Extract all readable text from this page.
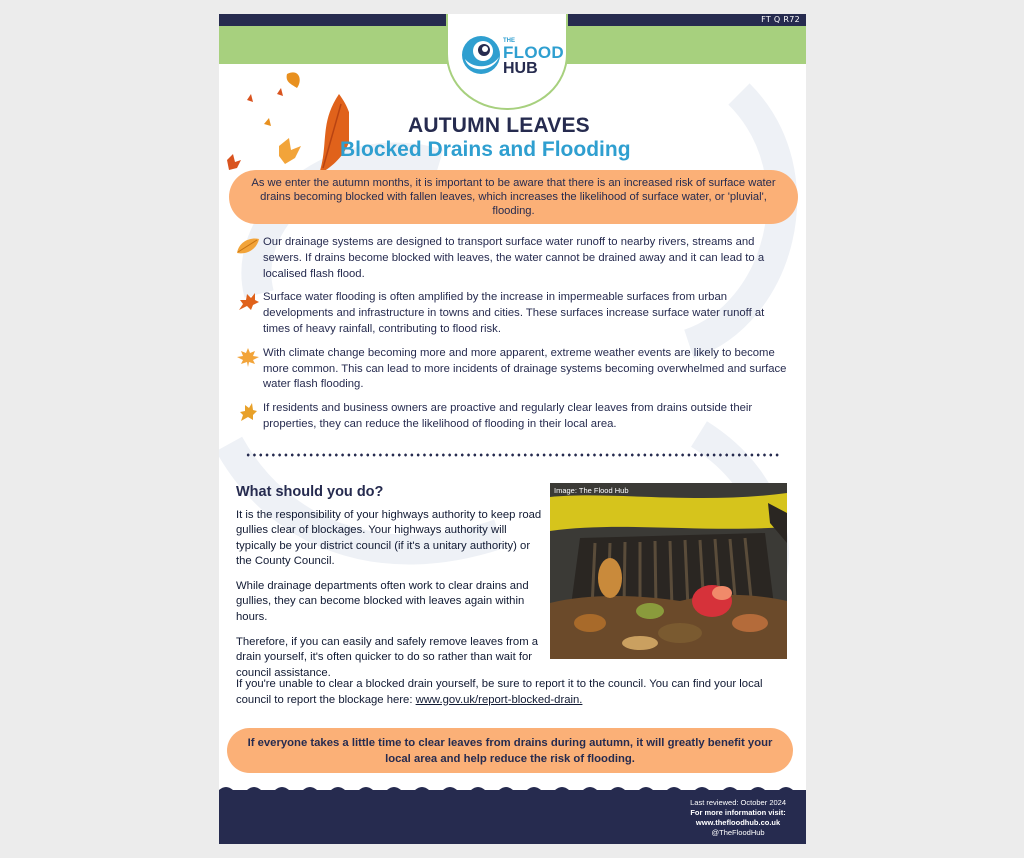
FT Q R72
THE
FLOOD
HUB
AUTUMN LEAVES
Blocked Drains and Flooding

As we enter the autumn months, it is important to be aware that there is an increased risk of surface water drains becoming blocked with fallen leaves, which increases the likelihood of surface water, or 'pluvial', flooding.

Our drainage systems are designed to transport surface water runoff to nearby rivers, streams and sewers. If drains become blocked with leaves, the water cannot be drained away and it can lead to a localised flash flood.

Surface water flooding is often amplified by the increase in impermeable surfaces from urban developments and infrastructure in towns and cities. These surfaces increase surface water runoff at times of heavy rainfall, contributing to flood risk.

With climate change becoming more and more apparent, extreme weather events are likely to become more common. This can lead to more incidents of drainage systems becoming overwhelmed and surface water flash flooding.

If residents and business owners are proactive and regularly clear leaves from drains outside their properties, they can reduce the likelihood of flooding in their local area.

What should you do?

It is the responsibility of your highways authority to keep road gullies clear of blockages. Your highways authority will typically be your district council (if it's a unitary authority) or the County Council.

While drainage departments often work to clear drains and gullies, they can become blocked with leaves again within hours.

Therefore, if you can easily and safely remove leaves from a drain yourself, it's often quicker to do so rather than wait for council assistance.

Image: The Flood Hub

If you're unable to clear a blocked drain yourself, be sure to report it to the council. You can find your local council to report the blockage here: www.gov.uk/report-blocked-drain.

If everyone takes a little time to clear leaves from drains during autumn, it will greatly benefit your local area and help reduce the risk of flooding.

Last reviewed: October 2024
For more information visit:
www.thefloodhub.co.uk
@TheFloodHub
